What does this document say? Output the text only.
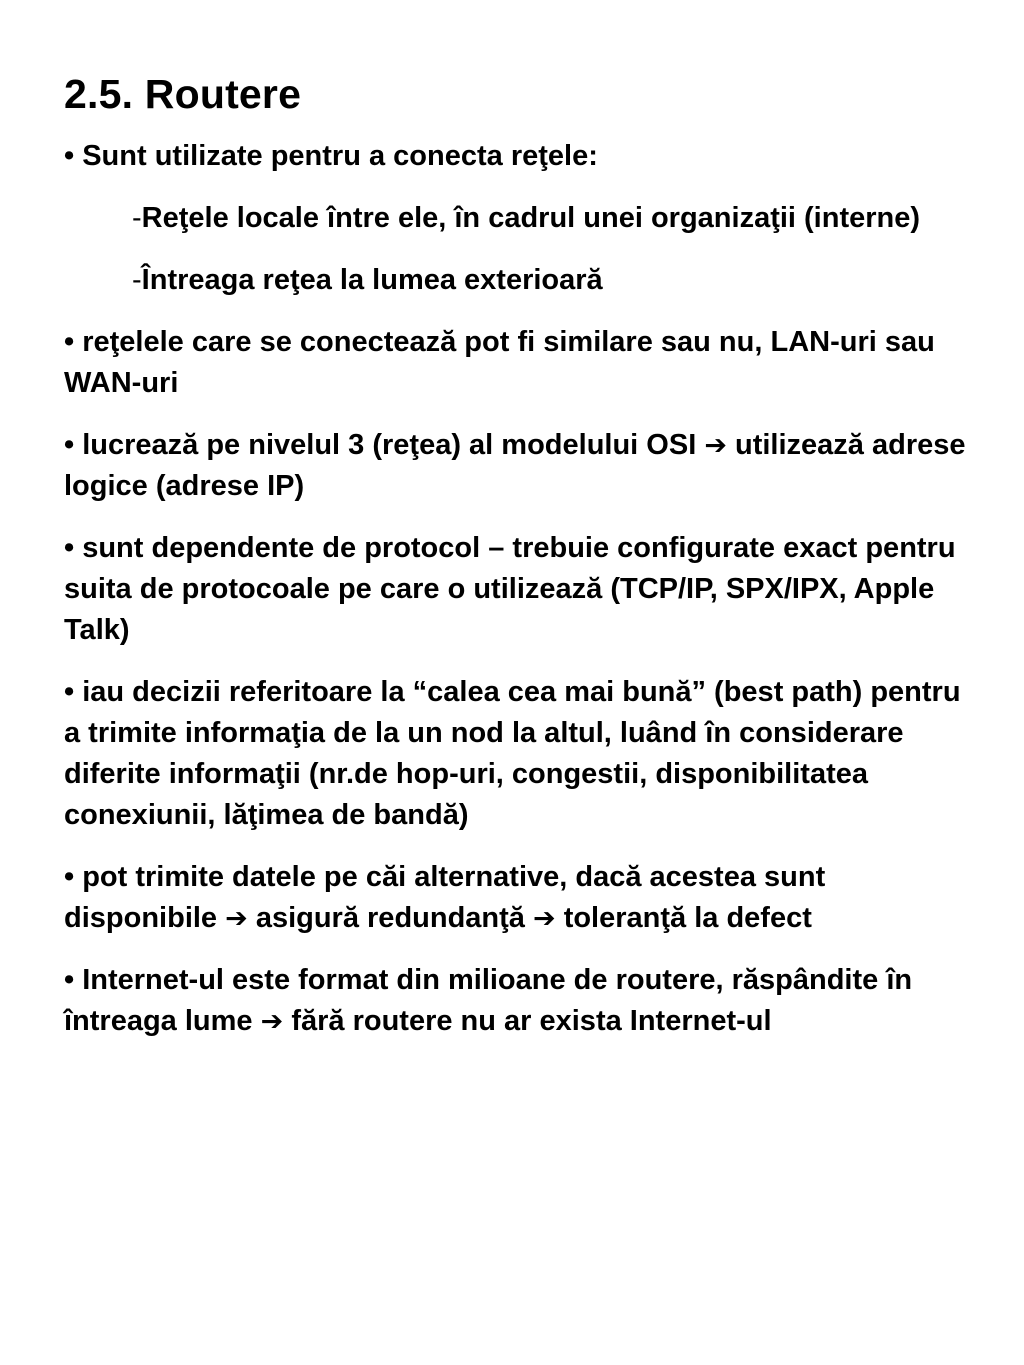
2.5. Routere
• Sunt utilizate pentru a conecta reţele:
-Reţele locale între ele, în cadrul unei organizaţii (interne)
-Întreaga reţea la lumea exterioară
• reţelele care se conectează pot fi similare sau nu, LAN-uri sau WAN-uri
• lucrează pe nivelul 3 (reţea) al modelului OSI ➔ utilizează adrese logice (adrese IP)
• sunt dependente de protocol – trebuie configurate exact pentru suita de protocoale pe care o utilizează (TCP/IP, SPX/IPX, Apple Talk)
• iau decizii referitoare la “calea cea mai bună” (best path) pentru a trimite informaţia de la un nod la altul, luând în considerare diferite informaţii (nr.de hop-uri, congestii, disponibilitatea conexiunii, lăţimea de bandă)
• pot trimite datele pe căi alternative, dacă acestea sunt disponibile ➔ asigură redundanţă ➔ toleranţă la defect
• Internet-ul este format din milioane de routere, răspândite în întreaga lume ➔ fără routere nu ar exista Internet-ul
